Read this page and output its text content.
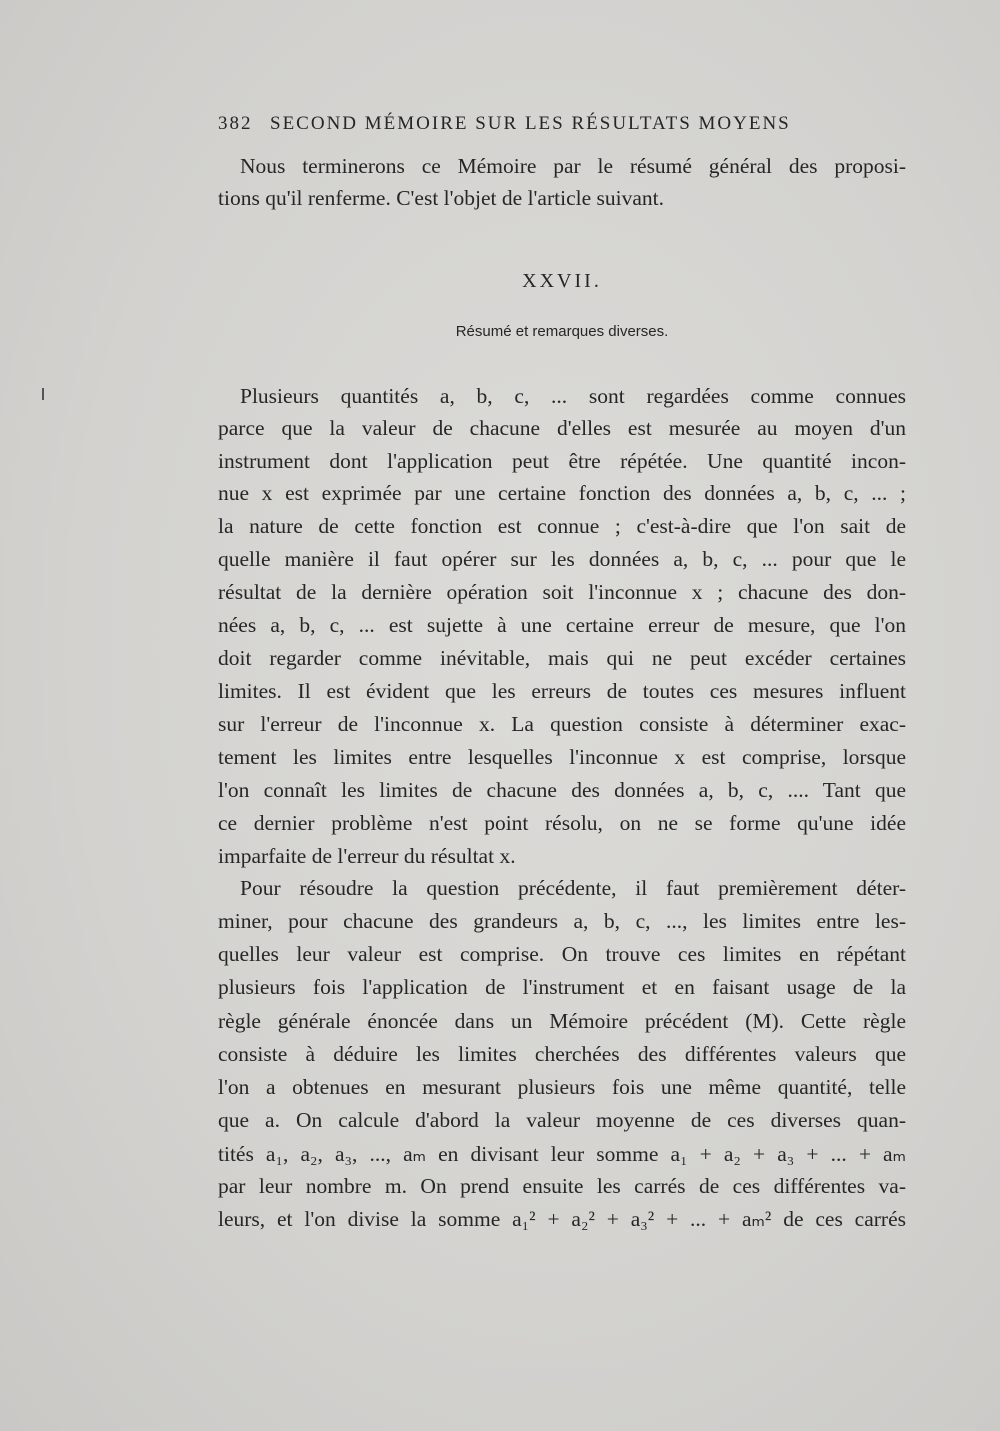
382 SECOND MÉMOIRE SUR LES RÉSULTATS MOYENS
Nous terminerons ce Mémoire par le résumé général des proposi-
tions qu'il renferme. C'est l'objet de l'article suivant.
XXVII.
Résumé et remarques diverses.
Plusieurs quantités a, b, c, ... sont regardées comme connues
parce que la valeur de chacune d'elles est mesurée au moyen d'un
instrument dont l'application peut être répétée. Une quantité incon-
nue x est exprimée par une certaine fonction des données a, b, c, ... ;
la nature de cette fonction est connue ; c'est-à-dire que l'on sait de
quelle manière il faut opérer sur les données a, b, c, ... pour que le
résultat de la dernière opération soit l'inconnue x ; chacune des don-
nées a, b, c, ... est sujette à une certaine erreur de mesure, que l'on
doit regarder comme inévitable, mais qui ne peut excéder certaines
limites. Il est évident que les erreurs de toutes ces mesures influent
sur l'erreur de l'inconnue x. La question consiste à déterminer exac-
tement les limites entre lesquelles l'inconnue x est comprise, lorsque
l'on connaît les limites de chacune des données a, b, c, .... Tant que
ce dernier problème n'est point résolu, on ne se forme qu'une idée
imparfaite de l'erreur du résultat x.
Pour résoudre la question précédente, il faut premièrement déter-
miner, pour chacune des grandeurs a, b, c, ..., les limites entre les-
quelles leur valeur est comprise. On trouve ces limites en répétant
plusieurs fois l'application de l'instrument et en faisant usage de la
règle générale énoncée dans un Mémoire précédent (M). Cette règle
consiste à déduire les limites cherchées des différentes valeurs que
l'on a obtenues en mesurant plusieurs fois une même quantité, telle
que a. On calcule d'abord la valeur moyenne de ces diverses quan-
tités a₁, a₂, a₃, ..., aₘ en divisant leur somme a₁ + a₂ + a₃ + ... + aₘ
par leur nombre m. On prend ensuite les carrés de ces différentes va-
leurs, et l'on divise la somme a₁² + a₂² + a₃² + ... + aₘ² de ces carrés
